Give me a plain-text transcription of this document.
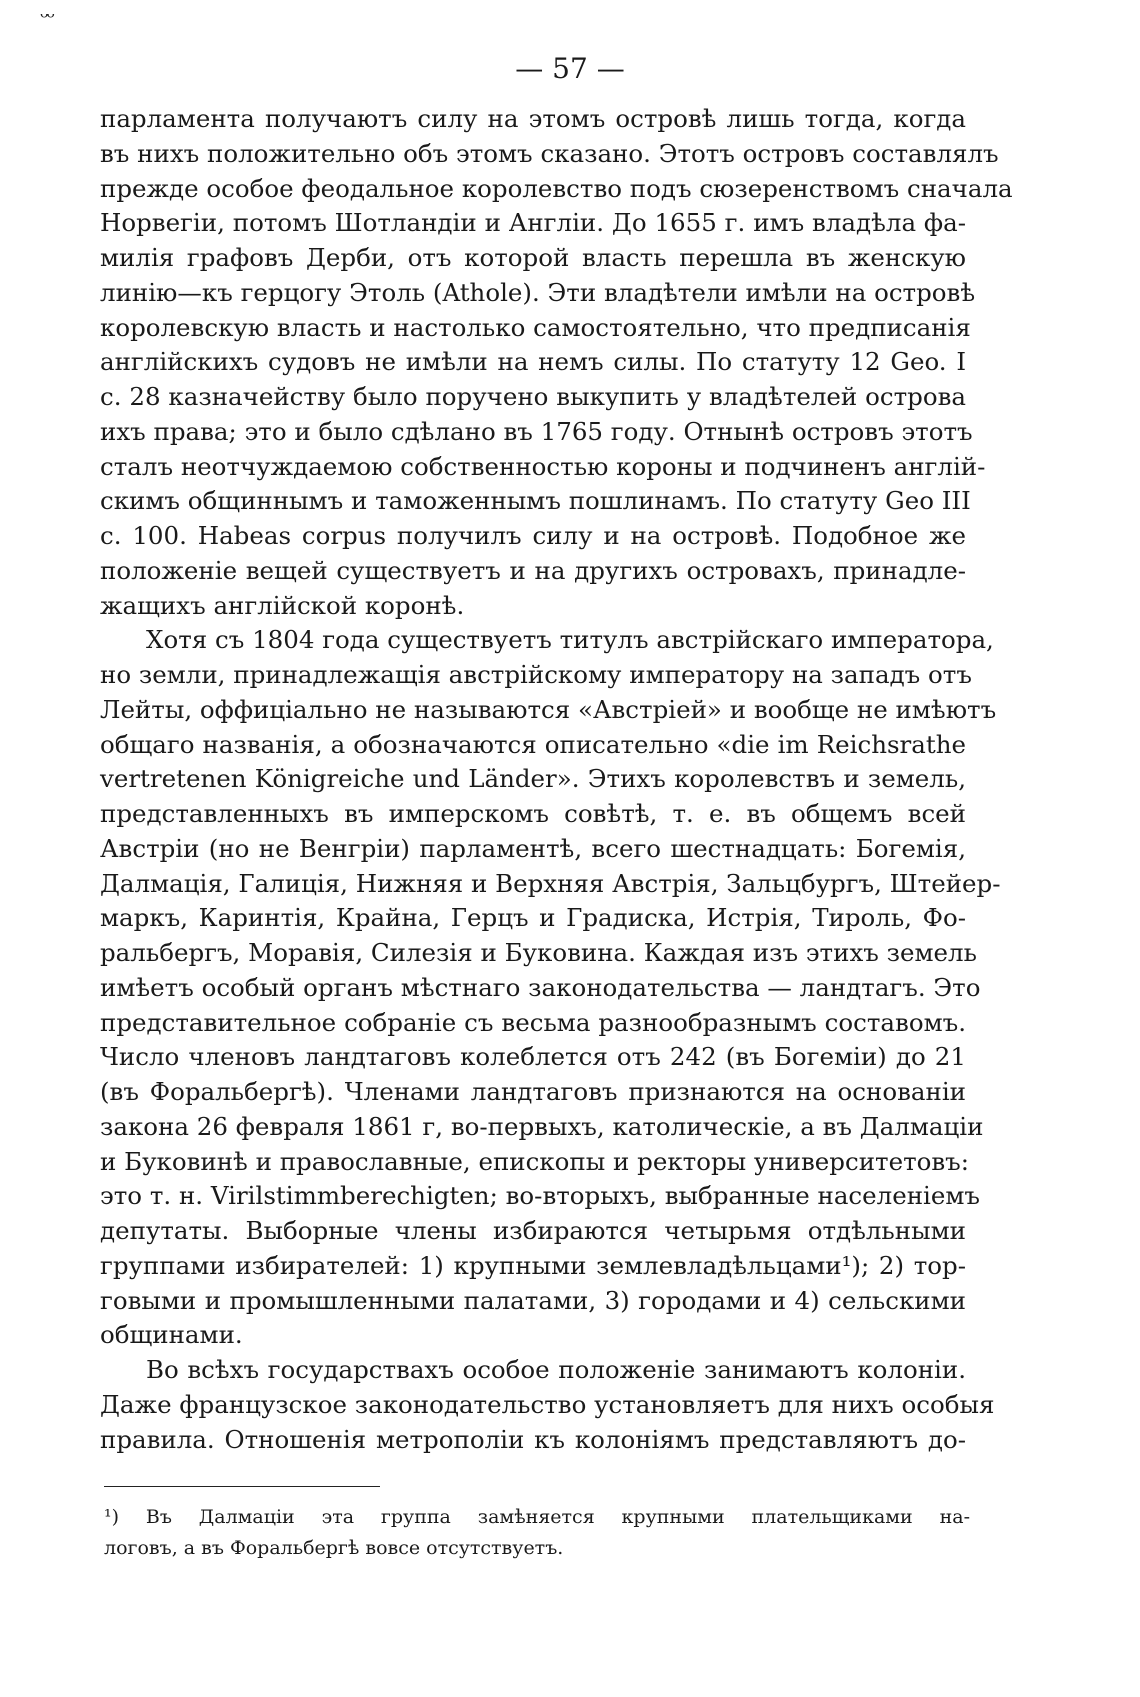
ᵕᵕ
— 57 —
парламента получаютъ силу на этомъ островѣ лишь тогда, когда
въ нихъ положительно объ этомъ сказано. Этотъ островъ составлялъ
прежде особое феодальное королевство подъ сюзеренствомъ сначала
Норвегіи, потомъ Шотландіи и Англіи. До 1655 г. имъ владѣла фа-
милія графовъ Дерби, отъ которой власть перешла въ женскую
линію—къ герцогу Этоль (Athole). Эти владѣтели имѣли на островѣ
королевскую власть и настолько самостоятельно, что предписанія
англійскихъ судовъ не имѣли на немъ силы. По статуту 12 Geo. I
c. 28 казначейству было поручено выкупить у владѣтелей острова
ихъ права; это и было сдѣлано въ 1765 году. Отнынѣ островъ этотъ
сталъ неотчуждаемою собственностью короны и подчиненъ англій-
скимъ общиннымъ и таможеннымъ пошлинамъ. По статуту Geo III
c. 100. Habeas corpus получилъ силу и на островѣ. Подобное же
положеніе вещей существуетъ и на другихъ островахъ, принадле-
жащихъ англійской коронѣ.
Хотя съ 1804 года существуетъ титулъ австрійскаго императора,
но земли, принадлежащія австрійскому императору на западъ отъ
Лейты, оффиціально не называются «Австріей» и вообще не имѣютъ
общаго названія, а обозначаются описательно «die im Reichsrathe
vertretenen Königreiche und Länder». Этихъ королевствъ и земель,
представленныхъ въ имперскомъ совѣтѣ, т. е. въ общемъ всей
Австріи (но не Венгріи) парламентѣ, всего шестнадцать: Богемія,
Далмація, Галиція, Нижняя и Верхняя Австрія, Зальцбургъ, Штейер-
маркъ, Каринтія, Крайна, Герцъ и Градиска, Истрія, Тироль, Фо-
ральбергъ, Моравія, Силезія и Буковина. Каждая изъ этихъ земель
имѣетъ особый органъ мѣстнаго законодательства — ландтагъ. Это
представительное собраніе съ весьма разнообразнымъ составомъ.
Число членовъ ландтаговъ колеблется отъ 242 (въ Богеміи) до 21
(въ Форальбергѣ). Членами ландтаговъ признаются на основаніи
закона 26 февраля 1861 г, во-первыхъ, католическіе, а въ Далмаціи
и Буковинѣ и православные, епископы и ректоры университетовъ:
это т. н. Virilstimmberechigten; во-вторыхъ, выбранные населеніемъ
депутаты. Выборные члены избираются четырьмя отдѣльными
группами избирателей: 1) крупными землевладѣльцами¹); 2) тор-
говыми и промышленными палатами, 3) городами и 4) сельскими
общинами.
Во всѣхъ государствахъ особое положеніе занимаютъ колоніи.
Даже французское законодательство установляетъ для нихъ особыя
правила. Отношенія метрополіи къ колоніямъ представляютъ до-
¹) Въ Далмаціи эта группа замѣняется крупными плательщиками на-
логовъ, а въ Форальбергѣ вовсе отсутствуетъ.
